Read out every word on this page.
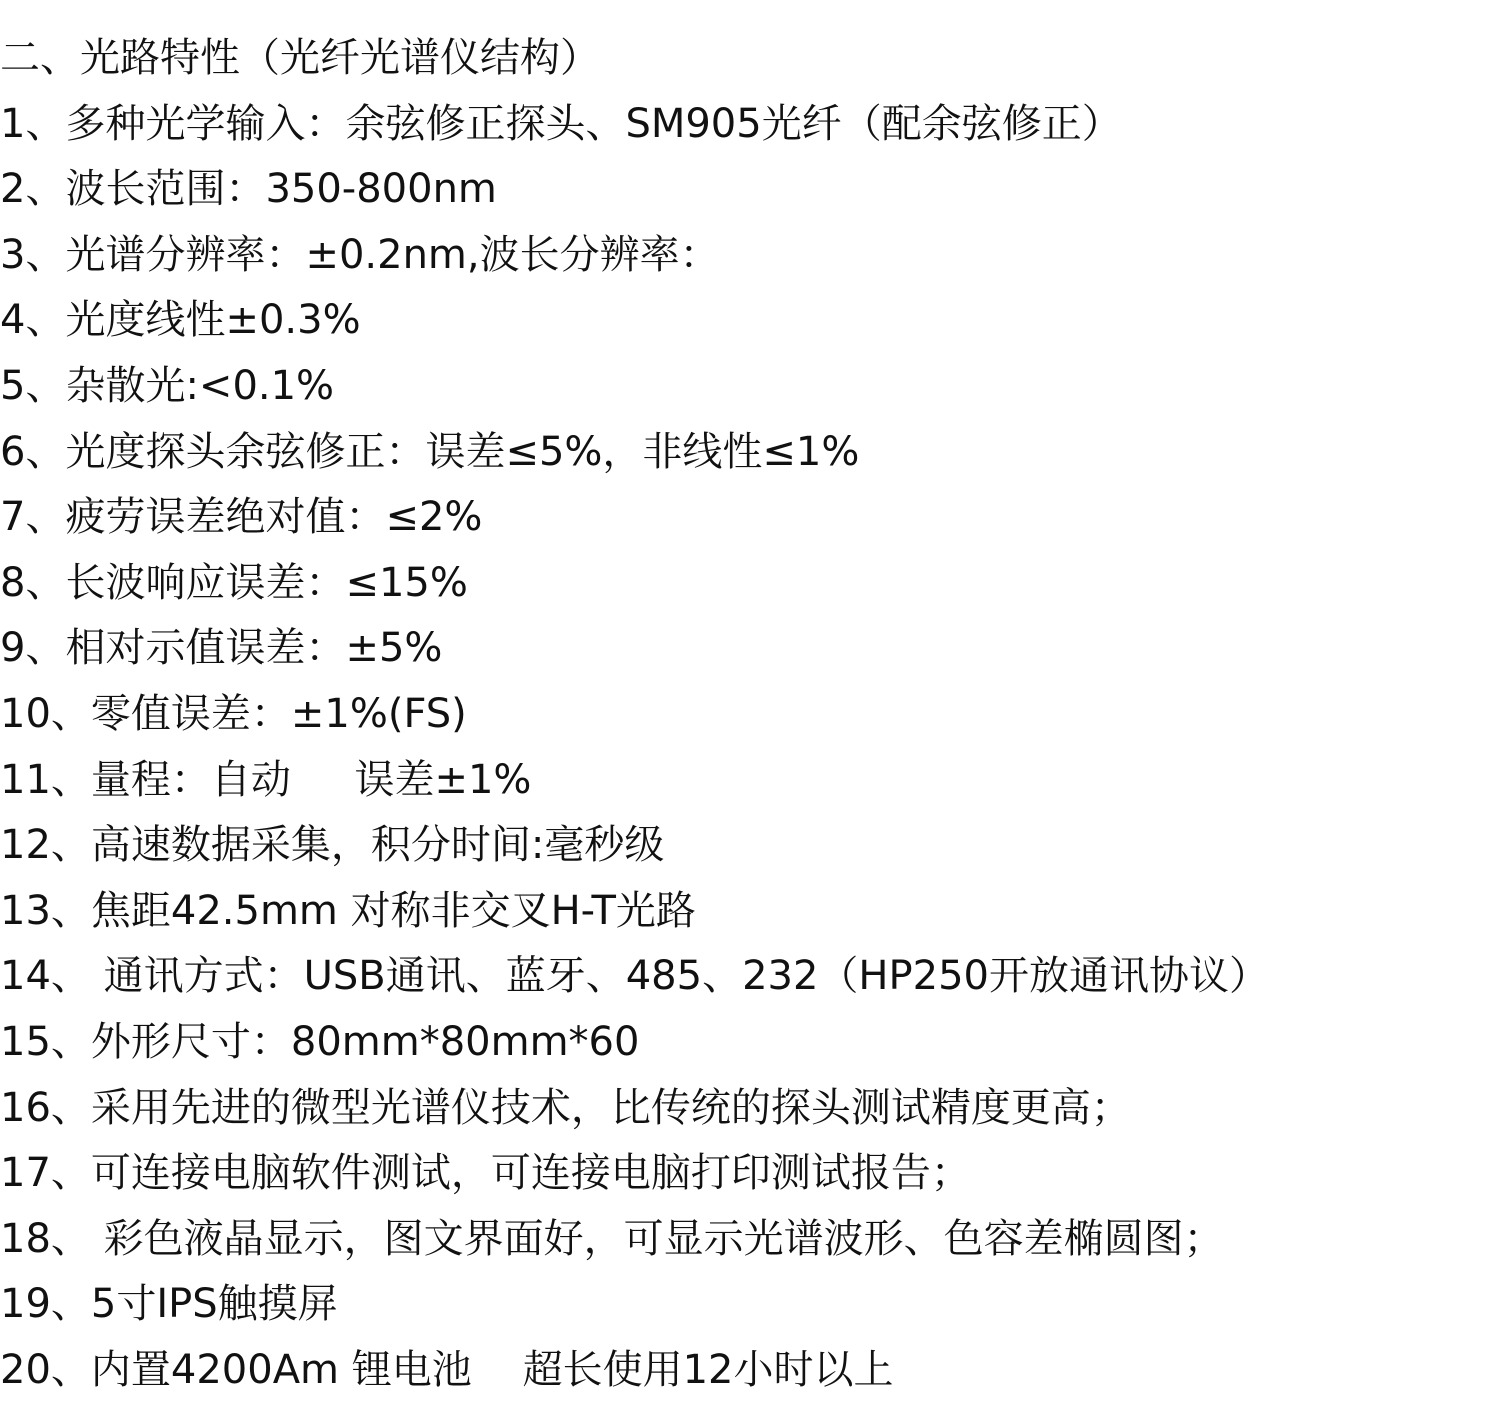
二、光路特性（光纤光谱仪结构）

1、多种光学输入：余弦修正探头、SM905光纤（配余弦修正）

2、波长范围：350-800nm

3、光谱分辨率：±0.2nm,波长分辨率：

4、光度线性±0.3%

5、杂散光:<0.1%

6、光度探头余弦修正：误差≤5%，非线性≤1%

7、疲劳误差绝对值：≤2%

8、长波响应误差：≤15%

9、相对示值误差：±5%

10、零值误差：±1%(FS)

11、量程：自动     误差±1%

12、高速数据采集，积分时间:毫秒级

13、焦距42.5mm 对称非交叉H-T光路

14、 通讯方式：USB通讯、蓝牙、485、232（HP250开放通讯协议）

15、外形尺寸：80mm*80mm*60

16、采用先进的微型光谱仪技术，比传统的探头测试精度更高；

17、可连接电脑软件测试，可连接电脑打印测试报告；

18、 彩色液晶显示，图文界面好，可显示光谱波形、色容差椭圆图；

19、5寸IPS触摸屏

20、内置4200Am 锂电池    超长使用12小时以上
